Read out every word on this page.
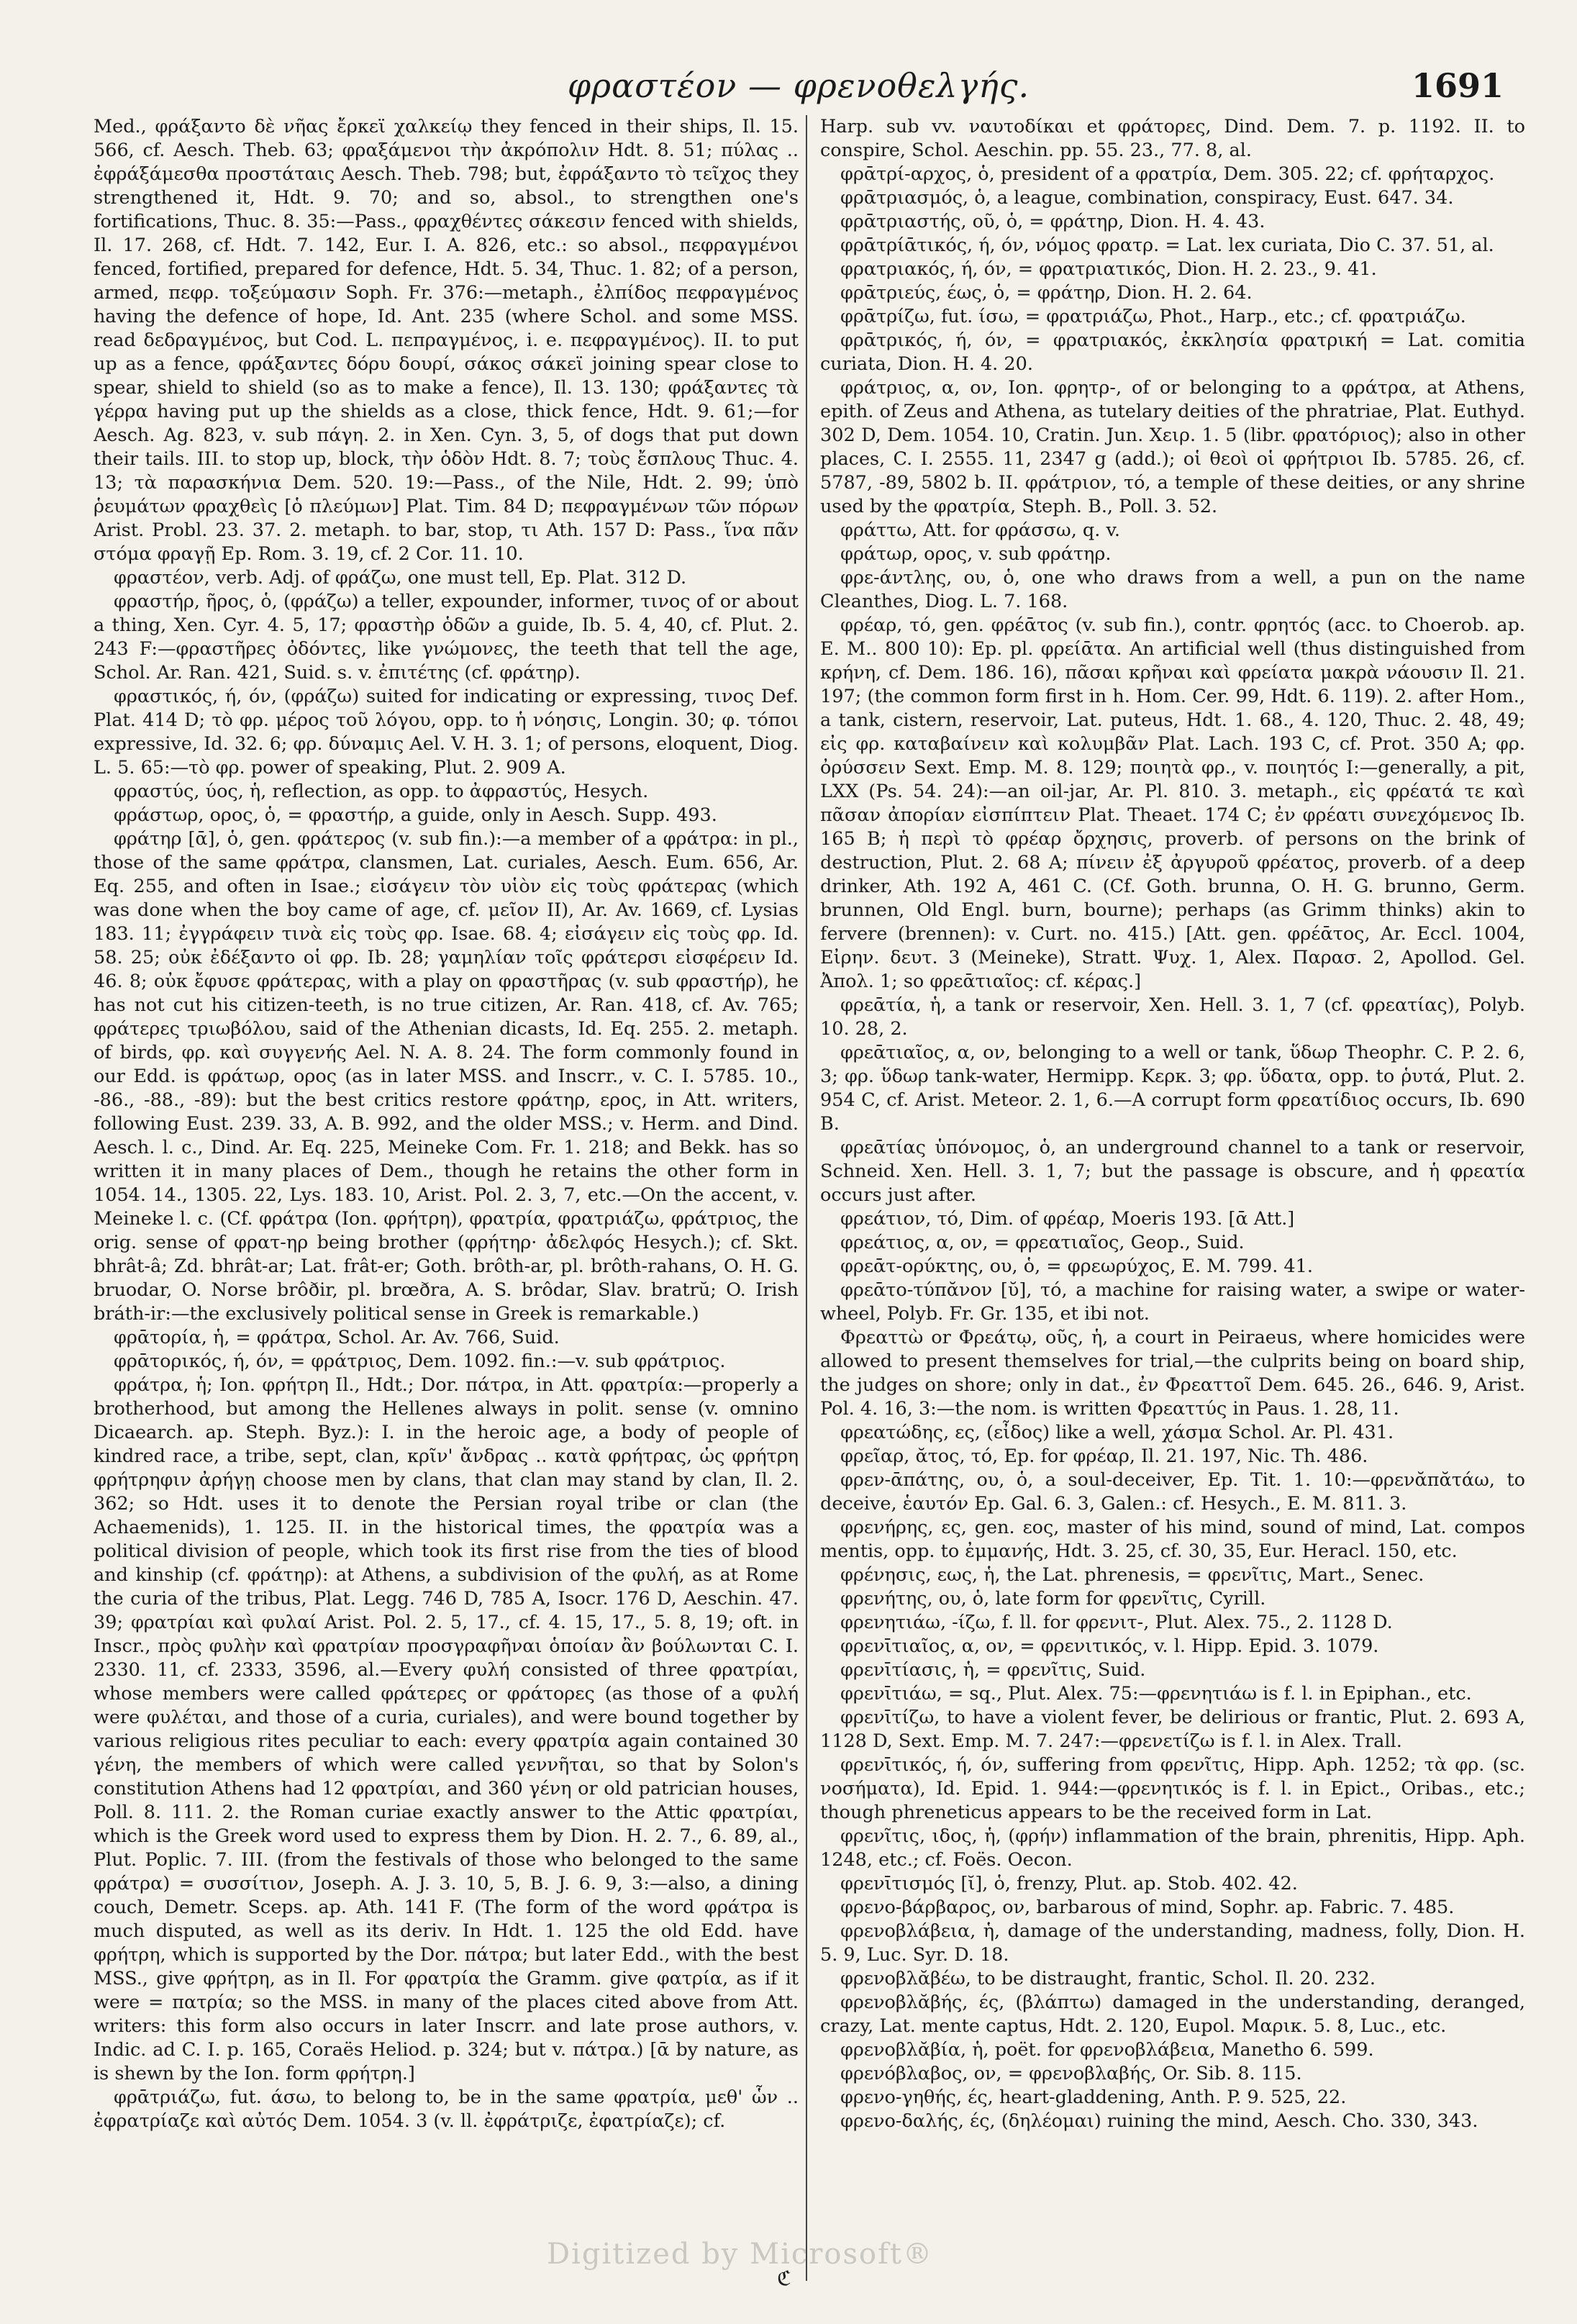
φραστέον — φρενοθελγής.	1691

Med., φράξαντο δὲ νῆας ἔρκεϊ χαλκείῳ they fenced in their ships, Il. 15. 566, cf. Aesch. Theb. 63; φραξάμενοι τὴν ἀκρόπολιν Hdt. 8. 51; πύλας .. ἐφράξάμεσθα προστάταις Aesch. Theb. 798; but, ἐφράξαντο τὸ τεῖχος they strengthened it, Hdt. 9. 70; and so, absol., to strengthen one's fortifications, Thuc. 8. 35:—Pass., φραχθέντες σάκεσιν fenced with shields, Il. 17. 268, cf. Hdt. 7. 142, Eur. I. A. 826, etc.: so absol., πεφραγμένοι fenced, fortified, prepared for defence, Hdt. 5. 34, Thuc. 1. 82; of a person, armed, πεφρ. τοξεύμασιν Soph. Fr. 376:—metaph., ἐλπίδος πεφραγμένος having the defence of hope, Id. Ant. 235 (where Schol. and some MSS. read δεδραγμένος, but Cod. L. πεπραγμένος, i. e. πεφραγμένος). II. to put up as a fence, φράξαντες δόρυ δουρί, σάκος σάκεϊ joining spear close to spear, shield to shield (so as to make a fence), Il. 13. 130; φράξαντες τὰ γέρρα having put up the shields as a close, thick fence, Hdt. 9. 61;—for Aesch. Ag. 823, v. sub πάγη. 2. in Xen. Cyn. 3, 5, of dogs that put down their tails. III. to stop up, block, τὴν ὁδὸν Hdt. 8. 7; τοὺς ἔσπλους Thuc. 4. 13; τὰ παρασκήνια Dem. 520. 19:—Pass., of the Nile, Hdt. 2. 99; ὑπὸ ῥευμάτων φραχθεὶς [ὁ πλεύμων] Plat. Tim. 84 D; πεφραγμένων τῶν πόρων Arist. Probl. 23. 37. 2. metaph. to bar, stop, τι Ath. 157 D: Pass., ἵνα πᾶν στόμα φραγῇ Ep. Rom. 3. 19, cf. 2 Cor. 11. 10.

φραστέον, verb. Adj. of φράζω, one must tell, Ep. Plat. 312 D.

φραστήρ, ῆρος, ὁ, (φράζω) a teller, expounder, informer, τινος of or about a thing, Xen. Cyr. 4. 5, 17; φραστὴρ ὁδῶν a guide, Ib. 5. 4, 40, cf. Plut. 2. 243 F:—φραστῆρες ὀδόντες, like γνώμονες, the teeth that tell the age, Schol. Ar. Ran. 421, Suid. s. v. ἐπιτέτης (cf. φράτηρ).

φραστικός, ή, όν, (φράζω) suited for indicating or expressing, τινος Def. Plat. 414 D; τὸ φρ. μέρος τοῦ λόγου, opp. to ἡ νόησις, Longin. 30; φ. τόποι expressive, Id. 32. 6; φρ. δύναμις Ael. V. H. 3. 1; of persons, eloquent, Diog. L. 5. 65:—τὸ φρ. power of speaking, Plut. 2. 909 A.

φραστύς, ύος, ἡ, reflection, as opp. to ἀφραστύς, Hesych.

φράστωρ, ορος, ὁ, = φραστήρ, a guide, only in Aesch. Supp. 493.

φράτηρ [ᾱ], ὁ, gen. φράτερος (v. sub fin.):—a member of a φράτρα: in pl., those of the same φράτρα, clansmen, Lat. curiales, Aesch. Eum. 656, Ar. Eq. 255, and often in Isae.; εἰσάγειν τὸν υἱὸν εἰς τοὺς φράτερας (which was done when the boy came of age, cf. μεῖον II), Ar. Av. 1669, cf. Lysias 183. 11; ἐγγράφειν τινὰ εἰς τοὺς φρ. Isae. 68. 4; εἰσάγειν εἰς τοὺς φρ. Id. 58. 25; οὐκ ἐδέξαντο οἱ φρ. Ib. 28; γαμηλίαν τοῖς φράτερσι εἰσφέρειν Id. 46. 8; οὐκ ἔφυσε φράτερας, with a play on φραστῆρας (v. sub φραστήρ), he has not cut his citizen-teeth, is no true citizen, Ar. Ran. 418, cf. Av. 765; φράτερες τριωβόλου, said of the Athenian dicasts, Id. Eq. 255. 2. metaph. of birds, φρ. καὶ συγγενής Ael. N. A. 8. 24. The form commonly found in our Edd. is φράτωρ, ορος (as in later MSS. and Inscrr., v. C. I. 5785. 10., -86., -88., -89): but the best critics restore φράτηρ, ερος, in Att. writers, following Eust. 239. 33, A. B. 992, and the older MSS.; v. Herm. and Dind. Aesch. l. c., Dind. Ar. Eq. 225, Meineke Com. Fr. 1. 218; and Bekk. has so written it in many places of Dem., though he retains the other form in 1054. 14., 1305. 22, Lys. 183. 10, Arist. Pol. 2. 3, 7, etc.—On the accent, v. Meineke l. c. (Cf. φράτρα (Ion. φρήτρη), φρατρία, φρατριάζω, φράτριος, the orig. sense of φρατ-ηρ being brother (φρήτηρ· ἀδελφός Hesych.); cf. Skt. bhrât-â; Zd. bhrât-ar; Lat. frât-er; Goth. brôth-ar, pl. brôth-rahans, O. H. G. bruodar, O. Norse brôðir, pl. brœðra, A. S. brôdar, Slav. bratrŭ; O. Irish bráth-ir:—the exclusively political sense in Greek is remarkable.)

φρᾱτορία, ἡ, = φράτρα, Schol. Ar. Av. 766, Suid.

φρᾱτορικός, ή, όν, = φράτριος, Dem. 1092. fin.:—v. sub φράτριος.

φράτρα, ἡ; Ion. φρήτρη Il., Hdt.; Dor. πάτρα, in Att. φρατρία:—properly a brotherhood, but among the Hellenes always in polit. sense (v. omnino Dicaearch. ap. Steph. Byz.): I. in the heroic age, a body of people of kindred race, a tribe, sept, clan, κρῖν' ἄνδρας .. κατὰ φρήτρας, ὡς φρήτρη φρήτρηφιν ἀρήγῃ choose men by clans, that clan may stand by clan, Il. 2. 362; so Hdt. uses it to denote the Persian royal tribe or clan (the Achaemenids), 1. 125. II. in the historical times, the φρατρία was a political division of people, which took its first rise from the ties of blood and kinship (cf. φράτηρ): at Athens, a subdivision of the φυλή, as at Rome the curia of the tribus, Plat. Legg. 746 D, 785 A, Isocr. 176 D, Aeschin. 47. 39; φρατρίαι καὶ φυλαί Arist. Pol. 2. 5, 17., cf. 4. 15, 17., 5. 8, 19; oft. in Inscr., πρὸς φυλὴν καὶ φρατρίαν προσγραφῆναι ὁποίαν ἂν βούλωνται C. I. 2330. 11, cf. 2333, 3596, al.—Every φυλή consisted of three φρατρίαι, whose members were called φράτερες or φράτορες (as those of a φυλή were φυλέται, and those of a curia, curiales), and were bound together by various religious rites peculiar to each: every φρατρία again contained 30 γένη, the members of which were called γεννῆται, so that by Solon's constitution Athens had 12 φρατρίαι, and 360 γένη or old patrician houses, Poll. 8. 111. 2. the Roman curiae exactly answer to the Attic φρατρίαι, which is the Greek word used to express them by Dion. H. 2. 7., 6. 89, al., Plut. Poplic. 7. III. (from the festivals of those who belonged to the same φράτρα) = συσσίτιον, Joseph. A. J. 3. 10, 5, B. J. 6. 9, 3:—also, a dining couch, Demetr. Sceps. ap. Ath. 141 F. (The form of the word φράτρα is much disputed, as well as its deriv. In Hdt. 1. 125 the old Edd. have φρήτρη, which is supported by the Dor. πάτρα; but later Edd., with the best MSS., give φρήτρη, as in Il. For φρατρία the Gramm. give φατρία, as if it were = πατρία; so the MSS. in many of the places cited above from Att. writers: this form also occurs in later Inscrr. and late prose authors, v. Indic. ad C. I. p. 165, Coraës Heliod. p. 324; but v. πάτρα.) [ᾱ by nature, as is shewn by the Ion. form φρήτρη.]

φρᾱτριάζω, fut. άσω, to belong to, be in the same φρατρία, μεθ' ὧν .. ἐφρατρίαζε καὶ αὐτός Dem. 1054. 3 (v. ll. ἐφράτριζε, ἐφατρίαζε); cf.

Harp. sub vv. ναυτοδίκαι et φράτορες, Dind. Dem. 7. p. 1192. II. to conspire, Schol. Aeschin. pp. 55. 23., 77. 8, al.

φρᾱτρί-αρχος, ὁ, president of a φρατρία, Dem. 305. 22; cf. φρήταρχος.

φρᾱτριασμός, ὁ, a league, combination, conspiracy, Eust. 647. 34.

φρᾱτριαστής, οῦ, ὁ, = φράτηρ, Dion. H. 4. 43.

φρᾱτρίᾱτικός, ή, όν, νόμος φρατρ. = Lat. lex curiata, Dio C. 37. 51, al.

φρατριακός, ή, όν, = φρατριατικός, Dion. H. 2. 23., 9. 41.

φρᾱτριεύς, έως, ὁ, = φράτηρ, Dion. H. 2. 64.

φρᾱτρίζω, fut. ίσω, = φρατριάζω, Phot., Harp., etc.; cf. φρατριάζω.

φρᾱτρικός, ή, όν, = φρατριακός, ἐκκλησία φρατρική = Lat. comitia curiata, Dion. H. 4. 20.

φράτριος, α, ον, Ion. φρητρ-, of or belonging to a φράτρα, at Athens, epith. of Zeus and Athena, as tutelary deities of the phratriae, Plat. Euthyd. 302 D, Dem. 1054. 10, Cratin. Jun. Χειρ. 1. 5 (libr. φρατόριος); also in other places, C. I. 2555. 11, 2347 g (add.); οἱ θεοὶ οἱ φρήτριοι Ib. 5785. 26, cf. 5787, -89, 5802 b. II. φράτριον, τό, a temple of these deities, or any shrine used by the φρατρία, Steph. B., Poll. 3. 52.

φράττω, Att. for φράσσω, q. v.

φράτωρ, ορος, v. sub φράτηρ.

φρε-άντλης, ου, ὁ, one who draws from a well, a pun on the name Cleanthes, Diog. L. 7. 168.

φρέαρ, τό, gen. φρέᾱτος (v. sub fin.), contr. φρητός (acc. to Choerob. ap. E. M.. 800 10): Ep. pl. φρείᾱτα. An artificial well (thus distinguished from κρήνη, cf. Dem. 186. 16), πᾶσαι κρῆναι καὶ φρείατα μακρὰ νάουσιν Il. 21. 197; (the common form first in h. Hom. Cer. 99, Hdt. 6. 119). 2. after Hom., a tank, cistern, reservoir, Lat. puteus, Hdt. 1. 68., 4. 120, Thuc. 2. 48, 49; εἰς φρ. καταβαίνειν καὶ κολυμβᾶν Plat. Lach. 193 C, cf. Prot. 350 A; φρ. ὀρύσσειν Sext. Emp. M. 8. 129; ποιητὰ φρ., v. ποιητός I:—generally, a pit, LXX (Ps. 54. 24):—an oil-jar, Ar. Pl. 810. 3. metaph., εἰς φρέατά τε καὶ πᾶσαν ἀπορίαν εἰσπίπτειν Plat. Theaet. 174 C; ἐν φρέατι συνεχόμενος Ib. 165 B; ἡ περὶ τὸ φρέαρ ὄρχησις, proverb. of persons on the brink of destruction, Plut. 2. 68 A; πίνειν ἐξ ἀργυροῦ φρέατος, proverb. of a deep drinker, Ath. 192 A, 461 C. (Cf. Goth. brunna, O. H. G. brunno, Germ. brunnen, Old Engl. burn, bourne); perhaps (as Grimm thinks) akin to fervere (brennen): v. Curt. no. 415.) [Att. gen. φρέᾱτος, Ar. Eccl. 1004, Εἰρην. δευτ. 3 (Meineke), Stratt. Ψυχ. 1, Alex. Παρασ. 2, Apollod. Gel. Ἀπολ. 1; so φρεᾱτιαῖος: cf. κέρας.]

φρεᾱτία, ἡ, a tank or reservoir, Xen. Hell. 3. 1, 7 (cf. φρεατίας), Polyb. 10. 28, 2.

φρεᾱτιαῖος, α, ον, belonging to a well or tank, ὕδωρ Theophr. C. P. 2. 6, 3; φρ. ὕδωρ tank-water, Hermipp. Κερκ. 3; φρ. ὕδατα, opp. to ῥυτά, Plut. 2. 954 C, cf. Arist. Meteor. 2. 1, 6.—A corrupt form φρεατίδιος occurs, Ib. 690 B.

φρεᾱτίας ὑπόνομος, ὁ, an underground channel to a tank or reservoir, Schneid. Xen. Hell. 3. 1, 7; but the passage is obscure, and ἡ φρεατία occurs just after.

φρεάτιον, τό, Dim. of φρέαρ, Moeris 193. [ᾱ Att.]

φρεάτιος, α, ον, = φρεατιαῖος, Geop., Suid.

φρεᾱτ-ορύκτης, ου, ὁ, = φρεωρύχος, E. M. 799. 41.

φρεᾱτο-τύπᾰνον [ῠ], τό, a machine for raising water, a swipe or water-wheel, Polyb. Fr. Gr. 135, et ibi not.

Φρεαττὼ or Φρεάτῳ, οῦς, ἡ, a court in Peiraeus, where homicides were allowed to present themselves for trial,—the culprits being on board ship, the judges on shore; only in dat., ἐν Φρεαττοῖ Dem. 645. 26., 646. 9, Arist. Pol. 4. 16, 3:—the nom. is written Φρεαττύς in Paus. 1. 28, 11.

φρεατώδης, ες, (εἶδος) like a well, χάσμα Schol. Ar. Pl. 431.

φρεῖαρ, ᾰτος, τό, Ep. for φρέαρ, Il. 21. 197, Nic. Th. 486.

φρεν-ᾱπάτης, ου, ὁ, a soul-deceiver, Ep. Tit. 1. 10:—φρενᾰπᾰτάω, to deceive, ἑαυτόν Ep. Gal. 6. 3, Galen.: cf. Hesych., E. M. 811. 3.

φρενήρης, ες, gen. εος, master of his mind, sound of mind, Lat. compos mentis, opp. to ἐμμανής, Hdt. 3. 25, cf. 30, 35, Eur. Heracl. 150, etc.

φρένησις, εως, ἡ, the Lat. phrenesis, = φρενῖτις, Mart., Senec.

φρενήτης, ου, ὁ, late form for φρενῖτις, Cyrill.

φρενητιάω, -ίζω, f. ll. for φρενιτ-, Plut. Alex. 75., 2. 1128 D.

φρενῑτιαῖος, α, ον, = φρενιτικός, v. l. Hipp. Epid. 3. 1079.

φρενῑτίασις, ἡ, = φρενῖτις, Suid.

φρενῑτιάω, = sq., Plut. Alex. 75:—φρενητιάω is f. l. in Epiphan., etc.

φρενῑτίζω, to have a violent fever, be delirious or frantic, Plut. 2. 693 A, 1128 D, Sext. Emp. M. 7. 247:—φρενετίζω is f. l. in Alex. Trall.

φρενῑτικός, ή, όν, suffering from φρενῖτις, Hipp. Aph. 1252; τὰ φρ. (sc. νοσήματα), Id. Epid. 1. 944:—φρενητικός is f. l. in Epict., Oribas., etc.; though phreneticus appears to be the received form in Lat.

φρενῖτις, ιδος, ἡ, (φρήν) inflammation of the brain, phrenitis, Hipp. Aph. 1248, etc.; cf. Foës. Oecon.

φρενῑτισμός [ῐ], ὁ, frenzy, Plut. ap. Stob. 402. 42.

φρενο-βάρβαρος, ον, barbarous of mind, Sophr. ap. Fabric. 7. 485.

φρενοβλάβεια, ἡ, damage of the understanding, madness, folly, Dion. H. 5. 9, Luc. Syr. D. 18.

φρενοβλᾰβέω, to be distraught, frantic, Schol. Il. 20. 232.

φρενοβλᾰβής, ές, (βλάπτω) damaged in the understanding, deranged, crazy, Lat. mente captus, Hdt. 2. 120, Eupol. Μαρικ. 5. 8, Luc., etc.

φρενοβλᾰβία, ἡ, poët. for φρενοβλάβεια, Manetho 6. 599.

φρενόβλαβος, ον, = φρενοβλαβής, Or. Sib. 8. 115.

φρενο-γηθής, ές, heart-gladdening, Anth. P. 9. 525, 22.

φρενο-δαλής, ές, (δηλέομαι) ruining the mind, Aesch. Cho. 330, 343.

Digitized by Microsoft®
ℭ
